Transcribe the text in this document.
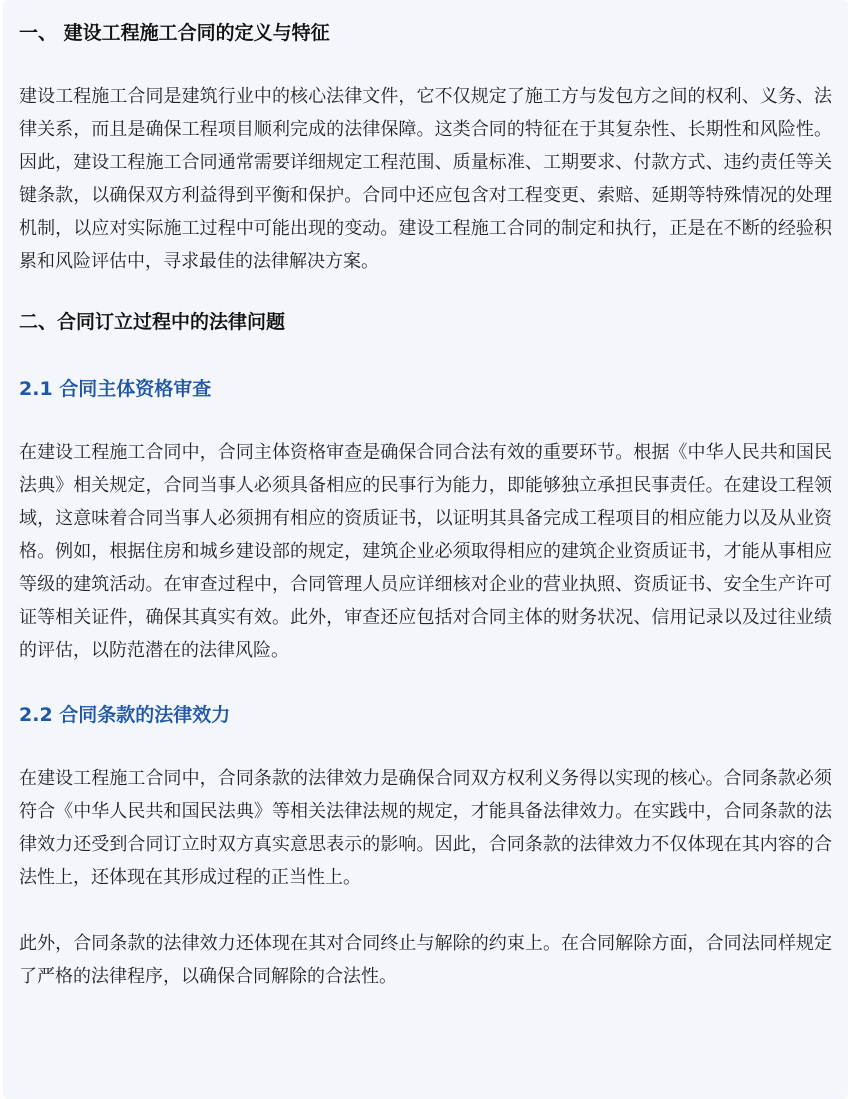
一、 建设工程施工合同的定义与特征

建设工程施工合同是建筑行业中的核心法律文件，它不仅规定了施工方与发包方之间的权利、义务、法律关系，而且是确保工程项目顺利完成的法律保障。这类合同的特征在于其复杂性、长期性和风险性。因此，建设工程施工合同通常需要详细规定工程范围、质量标准、工期要求、付款方式、违约责任等关键条款，以确保双方利益得到平衡和保护。合同中还应包含对工程变更、索赔、延期等特殊情况的处理机制，以应对实际施工过程中可能出现的变动。建设工程施工合同的制定和执行，正是在不断的经验积累和风险评估中，寻求最佳的法律解决方案。

二、合同订立过程中的法律问题
2.1 合同主体资格审查

在建设工程施工合同中，合同主体资格审查是确保合同合法有效的重要环节。根据《中华人民共和国民法典》相关规定，合同当事人必须具备相应的民事行为能力，即能够独立承担民事责任。在建设工程领域，这意味着合同当事人必须拥有相应的资质证书，以证明其具备完成工程项目的相应能力以及从业资格。例如，根据住房和城乡建设部的规定，建筑企业必须取得相应的建筑企业资质证书，才能从事相应等级的建筑活动。在审查过程中，合同管理人员应详细核对企业的营业执照、资质证书、安全生产许可证等相关证件，确保其真实有效。此外，审查还应包括对合同主体的财务状况、信用记录以及过往业绩的评估，以防范潜在的法律风险。

2.2 合同条款的法律效力

在建设工程施工合同中，合同条款的法律效力是确保合同双方权利义务得以实现的核心。合同条款必须符合《中华人民共和国民法典》等相关法律法规的规定，才能具备法律效力。在实践中，合同条款的法律效力还受到合同订立时双方真实意思表示的影响。因此，合同条款的法律效力不仅体现在其内容的合法性上，还体现在其形成过程的正当性上。

此外，合同条款的法律效力还体现在其对合同终止与解除的约束上。在合同解除方面，合同法同样规定了严格的法律程序，以确保合同解除的合法性。
